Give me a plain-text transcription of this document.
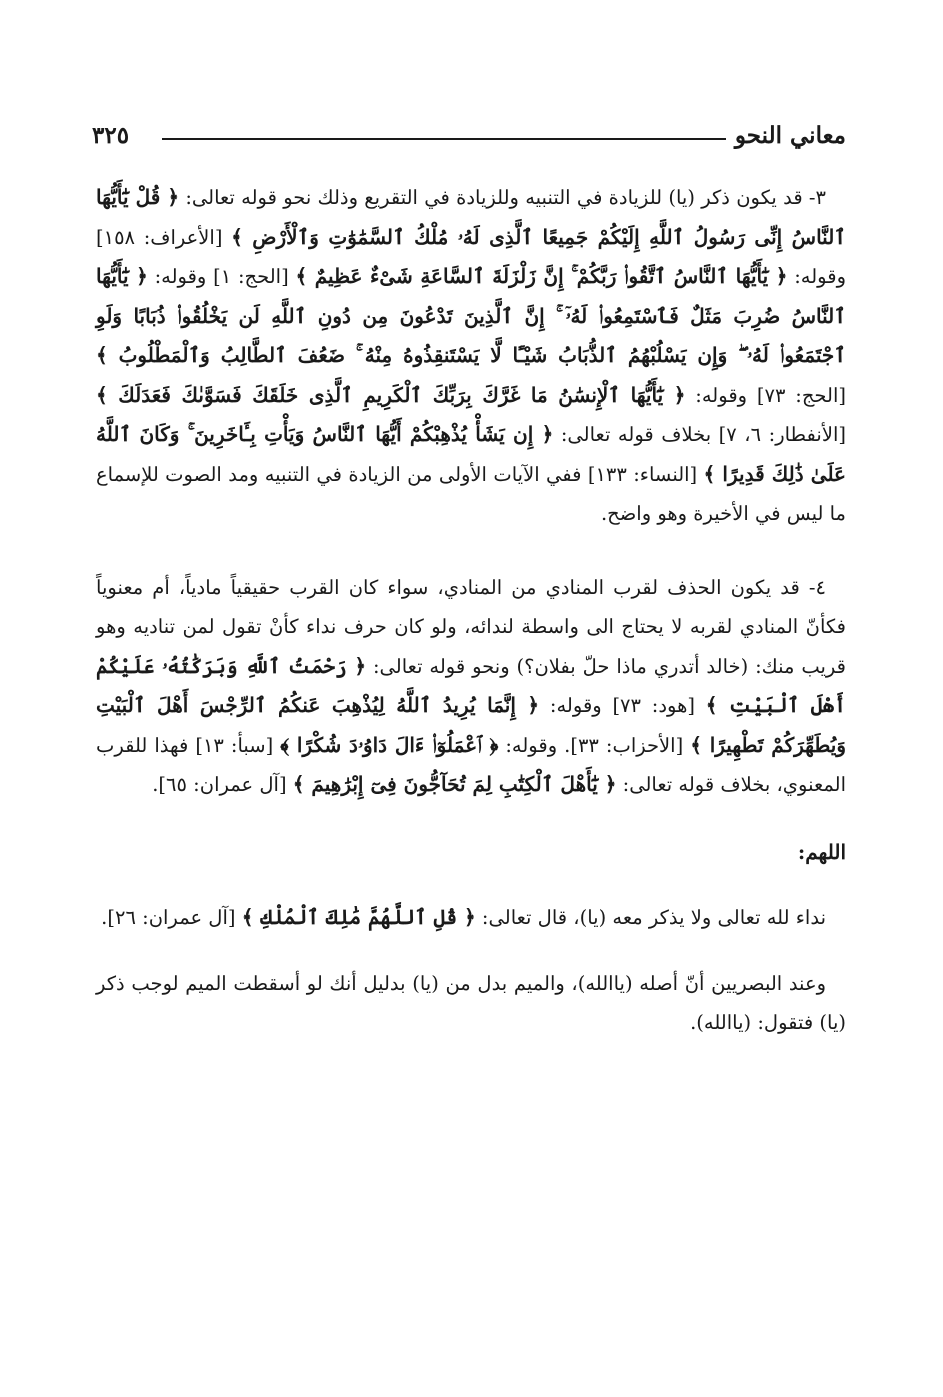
معاني النحو
٣٢٥

٣- قد يكون ذكر (يا) للزيادة في التنبيه وللزيادة في التقريع وذلك نحو قوله تعالى: ﴿ قُلْ يَٰٓأَيُّهَا ٱلنَّاسُ إِنِّى رَسُولُ ٱللَّهِ إِلَيْكُمْ جَمِيعًا ٱلَّذِى لَهُۥ مُلْكُ ٱلسَّمَٰوَٰتِ وَٱلْأَرْضِ ﴾ [الأعراف: ١٥٨] وقوله: ﴿ يَٰٓأَيُّهَا ٱلنَّاسُ ٱتَّقُوا۟ رَبَّكُمْ ۚ إِنَّ زَلْزَلَةَ ٱلسَّاعَةِ شَىْءٌ عَظِيمٌ ﴾ [الحج: ١] وقوله: ﴿ يَٰٓأَيُّهَا ٱلنَّاسُ ضُرِبَ مَثَلٌ فَٱسْتَمِعُوا۟ لَهُۥٓ ۚ إِنَّ ٱلَّذِينَ تَدْعُونَ مِن دُونِ ٱللَّهِ لَن يَخْلُقُوا۟ ذُبَابًا وَلَوِ ٱجْتَمَعُوا۟ لَهُۥ ۖ وَإِن يَسْلُبْهُمُ ٱلذُّبَابُ شَيْـًٔا لَّا يَسْتَنقِذُوهُ مِنْهُ ۚ ضَعُفَ ٱلطَّالِبُ وَٱلْمَطْلُوبُ ﴾ [الحج: ٧٣] وقوله: ﴿ يَٰٓأَيُّهَا ٱلْإِنسَٰنُ مَا غَرَّكَ بِرَبِّكَ ٱلْكَرِيمِ ٱلَّذِى خَلَقَكَ فَسَوَّىٰكَ فَعَدَلَكَ ﴾ [الأنفطار: ٦، ٧] بخلاف قوله تعالى: ﴿ إِن يَشَأْ يُذْهِبْكُمْ أَيُّهَا ٱلنَّاسُ وَيَأْتِ بِـَٔاخَرِينَ ۚ وَكَانَ ٱللَّهُ عَلَىٰ ذَٰلِكَ قَدِيرًا ﴾ [النساء: ١٣٣] ففي الآيات الأولى من الزيادة في التنبيه ومد الصوت للإسماع ما ليس في الأخيرة وهو واضح.

٤- قد يكون الحذف لقرب المنادي من المنادي، سواء كان القرب حقيقياً مادياً، أم معنوياً فكأنّ المنادي لقربه لا يحتاج الى واسطة لندائه، ولو كان حرف نداء كأنْ تقول لمن تناديه وهو قريب منك: (خالد أتدري ماذا حلّ بفلان؟) ونحو قوله تعالى: ﴿ رَحْمَتُ ٱللَّهِ وَبَرَكَٰتُهُۥ عَلَيْكُمْ أَهْلَ ٱلْبَيْتِ ﴾ [هود: ٧٣] وقوله: ﴿ إِنَّمَا يُرِيدُ ٱللَّهُ لِيُذْهِبَ عَنكُمُ ٱلرِّجْسَ أَهْلَ ٱلْبَيْتِ وَيُطَهِّرَكُمْ تَطْهِيرًا ﴾ [الأحزاب: ٣٣]. وقوله: ﴿ ٱعْمَلُوٓا۟ ءَالَ دَاوُۥدَ شُكْرًا ﴾ [سبأ: ١٣] فهذا للقرب المعنوي، بخلاف قوله تعالى: ﴿ يَٰٓأَهْلَ ٱلْكِتَٰبِ لِمَ تُحَآجُّونَ فِىٓ إِبْرَٰهِيمَ ﴾ [آل عمران: ٦٥].

اللهم:

نداء لله تعالى ولا يذكر معه (يا)، قال تعالى: ﴿ قُلِ ٱللَّهُمَّ مَٰلِكَ ٱلْمُلْكِ ﴾ [آل عمران: ٢٦].

وعند البصريين أنّ أصله (ياالله)، والميم بدل من (يا) بدليل أنك لو أسقطت الميم لوجب ذكر (يا) فتقول: (ياالله).
